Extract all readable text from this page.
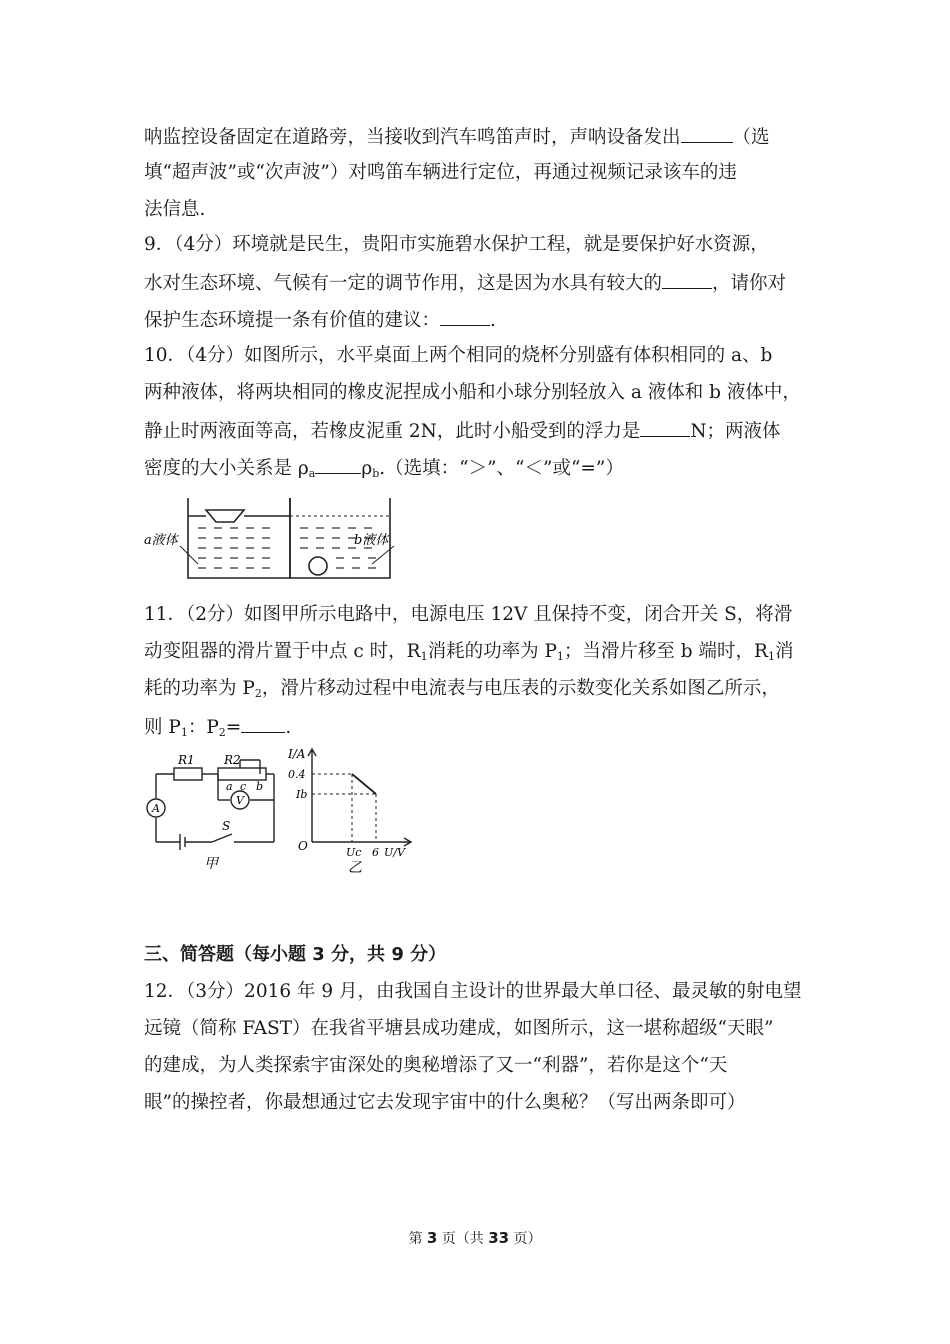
呐监控设备固定在道路旁，当接收到汽车鸣笛声时，声呐设备发出	（选
填“超声波”或“次声波”）对鸣笛车辆进行定位，再通过视频记录该车的违
法信息.
9．（4分）环境就是民生，贵阳市实施碧水保护工程，就是要保护好水资源，
水对生态环境、气候有一定的调节作用，这是因为水具有较大的	，请你对
保护生态环境提一条有价值的建议：	.
10．（4分）如图所示，水平桌面上两个相同的烧杯分别盛有体积相同的 a、b
两种液体，将两块相同的橡皮泥捏成小船和小球分别轻放入 a 液体和 b 液体中，
静止时两液面等高，若橡皮泥重 2N，此时小船受到的浮力是	N；两液体
密度的大小关系是 $\rho_a$ $\rho_b$.（选填：“＞”、“＜”或“=”）
a液体	b液体
11．（2分）如图甲所示电路中，电源电压 12V 且保持不变，闭合开关 S，将滑
动变阻器的滑片置于中点 c 时，$R_1$消耗的功率为 $P_1$；当滑片移至 b 端时，$R_1$消
耗的功率为 $P_2$，滑片移动过程中电流表与电压表的示数变化关系如图乙所示，
则 $P_1$：$P_2=$ .
R1 R2
a c b
A
V
S
甲
I/A
0.4
Ib
O	Uc 6 U/V
乙
三、简答题（每小题 3 分，共 9 分）
12．（3分）2016 年 9 月，由我国自主设计的世界最大单口径、最灵敏的射电望
远镜（简称 FAST）在我省平塘县成功建成，如图所示，这一堪称超级“天眼”
的建成，为人类探索宇宙深处的奥秘增添了又一“利器”，若你是这个“天
眼”的操控者，你最想通过它去发现宇宙中的什么奥秘？（写出两条即可）
第 3 页（共 33 页）
